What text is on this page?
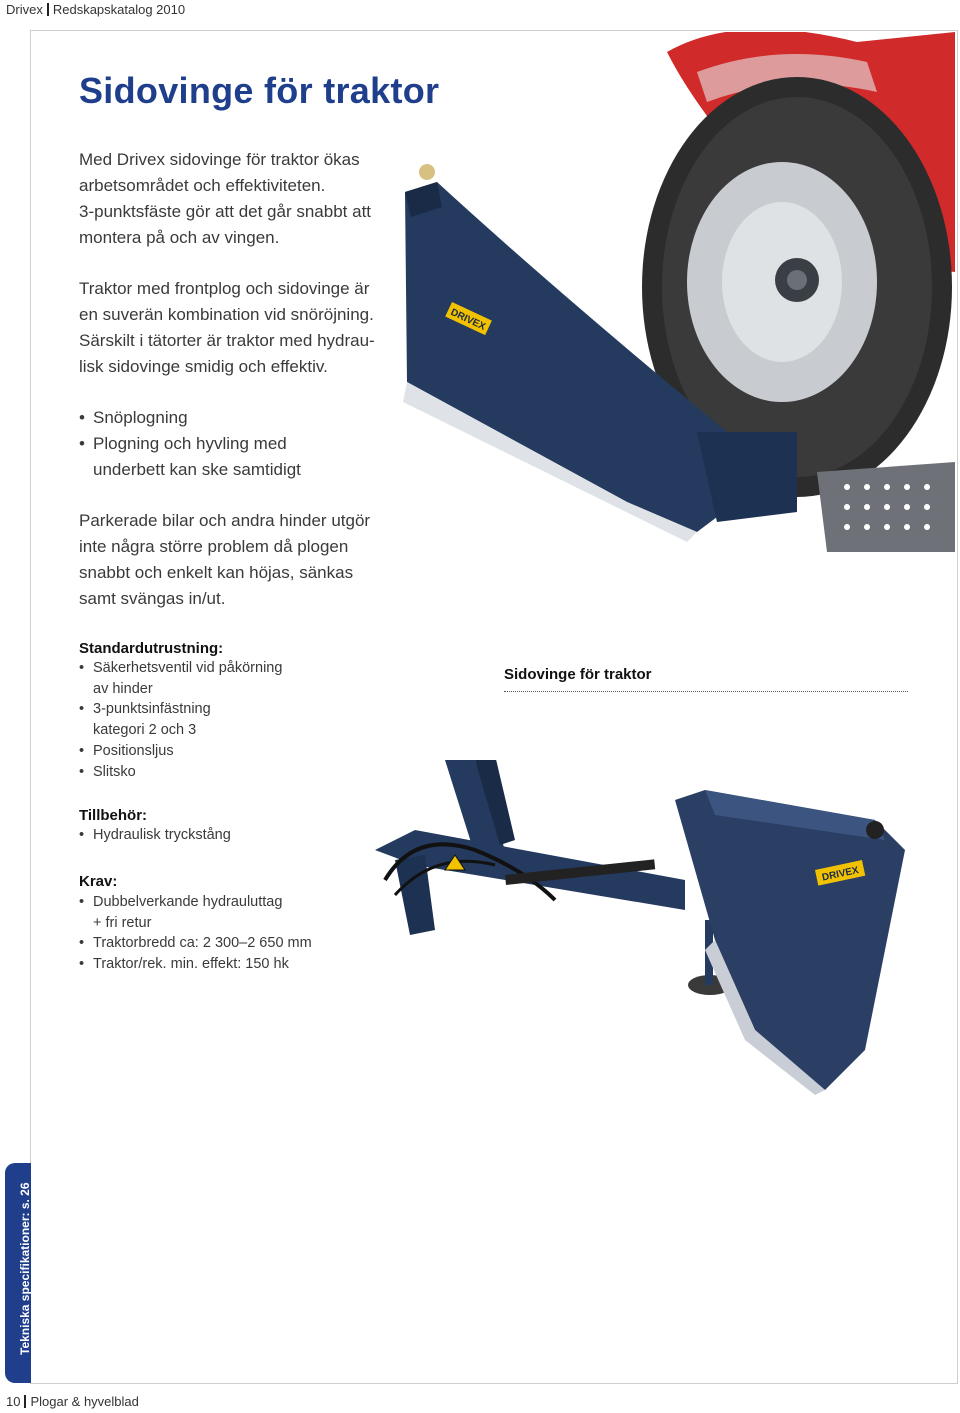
Drivex Redskapskatalog 2010
DRIVEX
Sidovinge för traktor

Med Drivex sidovinge för traktor ökas
arbetsområdet och effektiviteten.
3-punktsfäste gör att det går snabbt att
montera på och av vingen.

Traktor med frontplog och sidovinge är
en suverän kombination vid snöröjning.
Särskilt i tätorter är traktor med hydrau-
lisk sidovinge smidig och effektiv.

• Snöplogning
• Plogning och hyvling med
underbett kan ske samtidigt

Parkerade bilar och andra hinder utgör
inte några större problem då plogen
snabbt och enkelt kan höjas, sänkas
samt svängas in/ut.

Standardutrustning:
• Säkerhetsventil vid påkörning
av hinder
• 3-punktsinfästning
kategori 2 och 3
• Positionsljus
• Slitsko
Tillbehör:
• Hydraulisk tryckstång
Krav:
• Dubbelverkande hydrauluttag
+ fri retur
• Traktorbredd ca: 2 300–2 650 mm
• Traktor/rek. min. effekt: 150 hk
Sidovinge för traktor
DRIVEX
Tekniska specifikationer: s. 26
10 Plogar & hyvelblad
